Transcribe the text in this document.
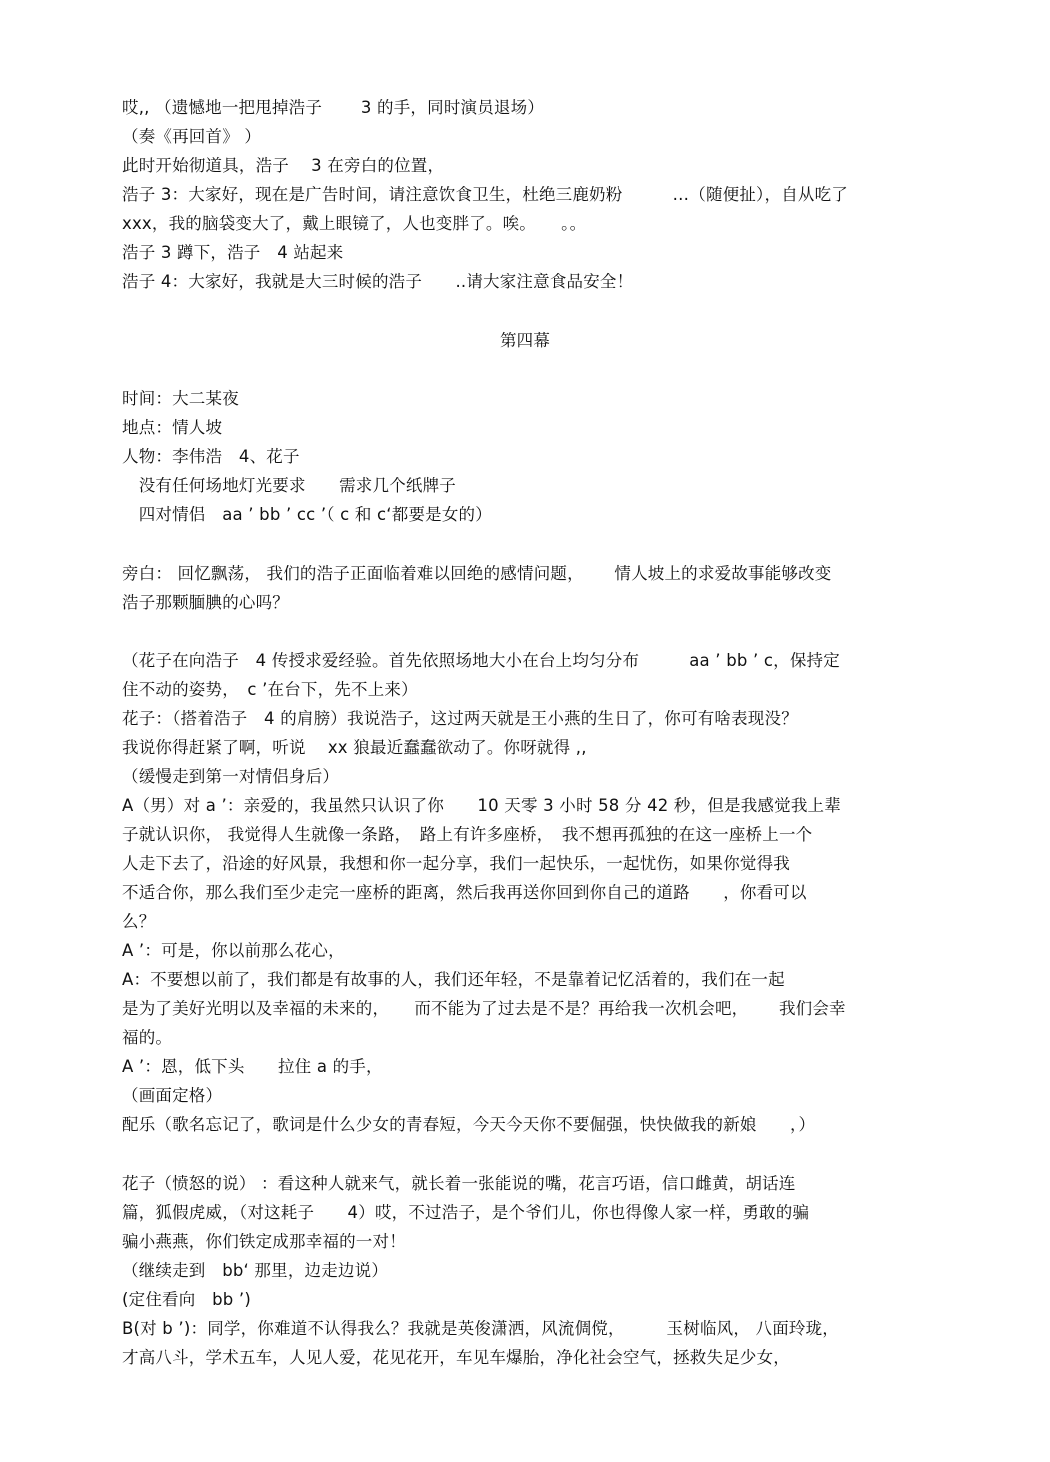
哎,, （遗憾地一把甩掉浩子　　 3 的手，同时演员退场）
（奏《再回首》 ）
此时开始彻道具，浩子　 3 在旁白的位置，
浩子 3：大家好，现在是广告时间，请注意饮食卫生，杜绝三鹿奶粉　　　…（随便扯），自从吃了
xxx，我的脑袋变大了，戴上眼镜了，人也变胖了。唉。　　。。
浩子 3 蹲下，浩子　4 站起来
浩子 4：大家好，我就是大三时候的浩子　　..请大家注意食品安全！
第四幕
时间：大二某夜
地点：情人坡
人物：李伟浩　4、花子
　没有任何场地灯光要求　　需求几个纸牌子
　四对情侣　aa ’ bb ’ cc ’（ c 和 c‘都要是女的）
旁白： 回忆飘荡， 我们的浩子正面临着难以回绝的感情问题，　　 情人坡上的求爱故事能够改变
浩子那颗腼腆的心吗？
（花子在向浩子　4 传授求爱经验。首先依照场地大小在台上均匀分布　　　aa ’ bb ’ c，保持定
住不动的姿势，　c ’在台下，先不上来）
花子：（搭着浩子　4 的肩膀）我说浩子，这过两天就是王小燕的生日了，你可有啥表现没？
我说你得赶紧了啊，听说　 xx 狼最近蠢蠢欲动了。你呀就得 ,,
（缓慢走到第一对情侣身后）
A（男）对 a ’：亲爱的，我虽然只认识了你　　10 天零 3 小时 58 分 42 秒，但是我感觉我上辈
子就认识你， 我觉得人生就像一条路，　路上有许多座桥，　我不想再孤独的在这一座桥上一个
人走下去了，沿途的好风景，我想和你一起分享，我们一起快乐，一起忧伤，如果你觉得我
不适合你，那么我们至少走完一座桥的距离，然后我再送你回到你自己的道路　　，你看可以
么？
A ’：可是，你以前那么花心，
A：不要想以前了，我们都是有故事的人，我们还年轻，不是靠着记忆活着的，我们在一起
是为了美好光明以及幸福的未来的，　　而不能为了过去是不是？再给我一次机会吧，　　 我们会幸
福的。
A ’：恩，低下头　　拉住 a 的手，
（画面定格）
配乐（歌名忘记了，歌词是什么少女的青春短，今天今天你不要倔强，快快做我的新娘　　，）
花子（愤怒的说） ：看这种人就来气，就长着一张能说的嘴，花言巧语，信口雌黄，胡话连
篇，狐假虎威，（对这耗子　　4）哎，不过浩子，是个爷们儿，你也得像人家一样，勇敢的骗
骗小燕燕，你们铁定成那幸福的一对！
（继续走到　bb‘ 那里，边走边说）
(定住看向　bb ’)
B(对 b ’)：同学，你难道不认得我么？我就是英俊潇洒，风流倜傥，　　　玉树临风， 八面玲珑，
才高八斗，学术五车，人见人爱，花见花开，车见车爆胎，净化社会空气，拯救失足少女，
